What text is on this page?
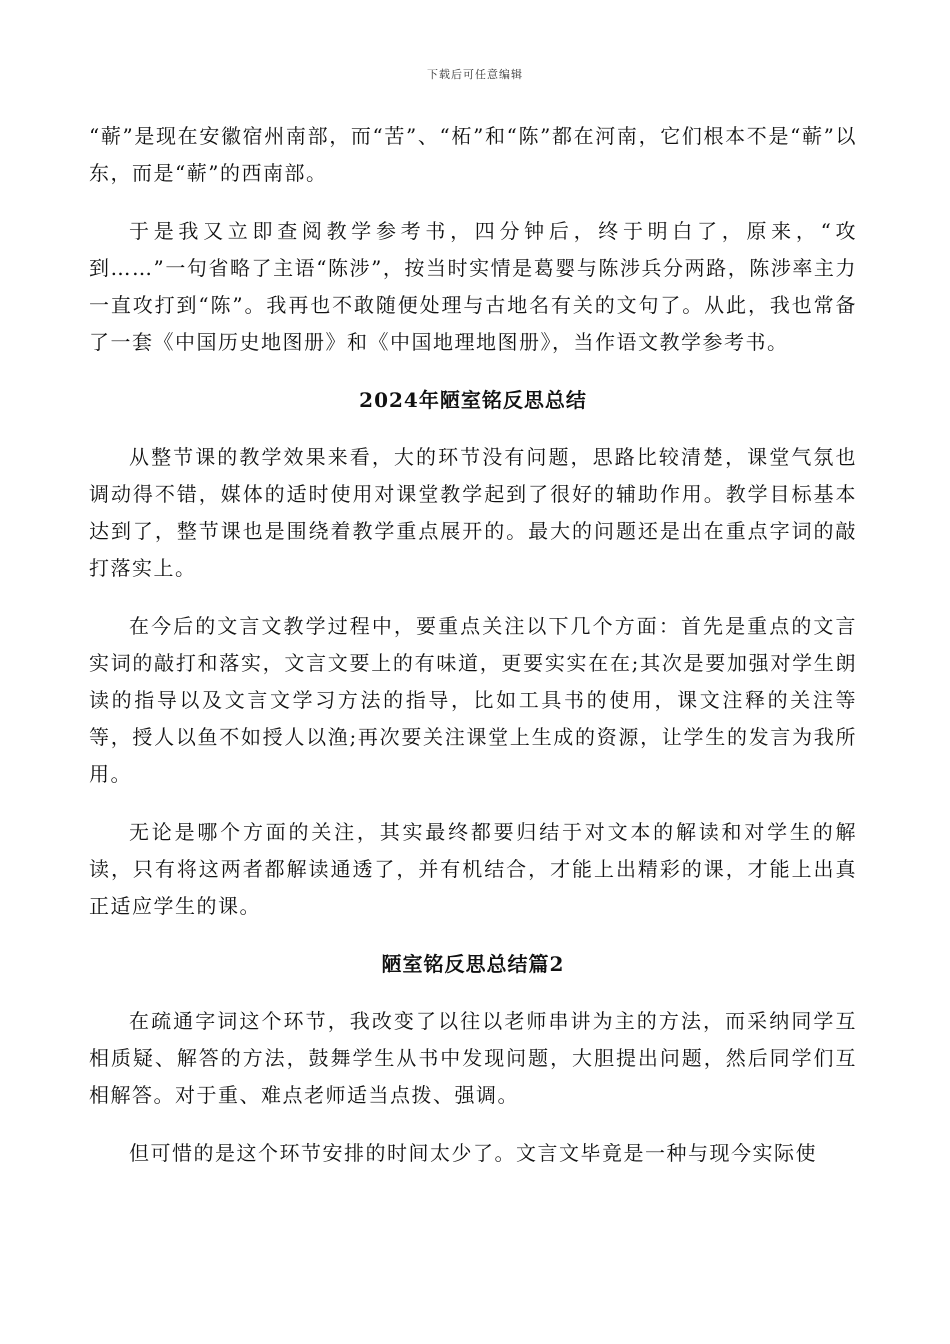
下载后可任意编辑

“蕲”是现在安徽宿州南部，而“苦”、“柘”和“陈”都在河南，它们根本不是“蕲”以东，而是“蕲”的西南部。

于是我又立即查阅教学参考书，四分钟后，终于明白了，原来，“攻到……”一句省略了主语“陈涉”，按当时实情是葛婴与陈涉兵分两路，陈涉率主力一直攻打到“陈”。我再也不敢随便处理与古地名有关的文句了。从此，我也常备了一套《中国历史地图册》和《中国地理地图册》，当作语文教学参考书。

2024年陋室铭反思总结

从整节课的教学效果来看，大的环节没有问题，思路比较清楚，课堂气氛也调动得不错，媒体的适时使用对课堂教学起到了很好的辅助作用。教学目标基本达到了，整节课也是围绕着教学重点展开的。最大的问题还是出在重点字词的敲打落实上。

在今后的文言文教学过程中，要重点关注以下几个方面：首先是重点的文言实词的敲打和落实，文言文要上的有味道，更要实实在在;其次是要加强对学生朗读的指导以及文言文学习方法的指导，比如工具书的使用，课文注释的关注等等，授人以鱼不如授人以渔;再次要关注课堂上生成的资源，让学生的发言为我所用。

无论是哪个方面的关注，其实最终都要归结于对文本的解读和对学生的解读，只有将这两者都解读通透了，并有机结合，才能上出精彩的课，才能上出真正适应学生的课。

陋室铭反思总结篇2

在疏通字词这个环节，我改变了以往以老师串讲为主的方法，而采纳同学互相质疑、解答的方法，鼓舞学生从书中发现问题，大胆提出问题，然后同学们互相解答。对于重、难点老师适当点拨、强调。

但可惜的是这个环节安排的时间太少了。文言文毕竟是一种与现今实际使
